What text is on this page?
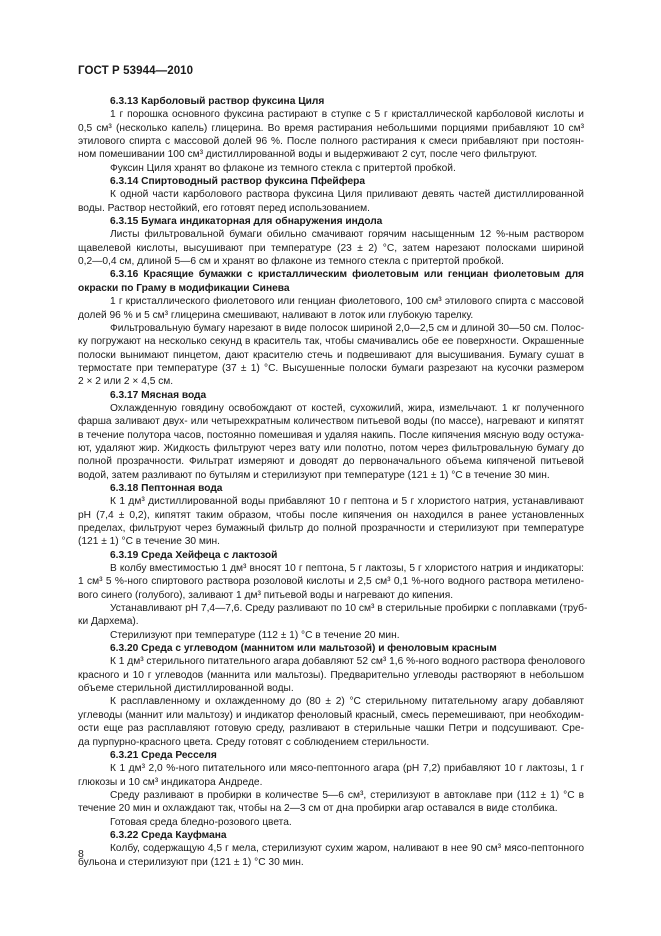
ГОСТ Р 53944—2010
6.3.13 Карболовый раствор фуксина Циля
1 г порошка основного фуксина растирают в ступке с 5 г кристаллической карболовой кислоты и
0,5 см³ (несколько капель) глицерина. Во время растирания небольшими порциями прибавляют 10 см³
этилового спирта с массовой долей 96 %. После полного растирания к смеси прибавляют при постоян-
ном помешивании 100 см³ дистиллированной воды и выдерживают 2 сут, после чего фильтруют.
Фуксин Циля хранят во флаконе из темного стекла с притертой пробкой.
6.3.14 Спиртоводный раствор фуксина Пфейфера
К одной части карболового раствора фуксина Циля приливают девять частей дистиллированной
воды. Раствор нестойкий, его готовят перед использованием.
6.3.15 Бумага индикаторная для обнаружения индола
Листы фильтровальной бумаги обильно смачивают горячим насыщенным 12 %-ным раствором
щавелевой кислоты, высушивают при температуре (23 ± 2) °С, затем нарезают полосками шириной
0,2—0,4 см, длиной 5—6 см и хранят во флаконе из темного стекла с притертой пробкой.
6.3.16 Красящие бумажки с кристаллическим фиолетовым или генциан фиолетовым для
окраски по Граму в модификации Синева
1 г кристаллического фиолетового или генциан фиолетового, 100 см³ этилового спирта с массовой
долей 96 % и 5 см³ глицерина смешивают, наливают в лоток или глубокую тарелку.
Фильтровальную бумагу нарезают в виде полосок шириной 2,0—2,5 см и длиной 30—50 см. Полос-
ку погружают на несколько секунд в краситель так, чтобы смачивались обе ее поверхности. Окрашенные
полоски вынимают пинцетом, дают красителю стечь и подвешивают для высушивания. Бумагу сушат в
термостате при температуре (37 ± 1) °С. Высушенные полоски бумаги разрезают на кусочки размером
2 × 2 или 2 × 4,5 см.
6.3.17 Мясная вода
Охлажденную говядину освобождают от костей, сухожилий, жира, измельчают. 1 кг полученного
фарша заливают двух- или четырехкратным количеством питьевой воды (по массе), нагревают и кипятят
в течение полутора часов, постоянно помешивая и удаляя накипь. После кипячения мясную воду остужа-
ют, удаляют жир. Жидкость фильтруют через вату или полотно, потом через фильтровальную бумагу до
полной прозрачности. Фильтрат измеряют и доводят до первоначального объема кипяченой питьевой
водой, затем разливают по бутылям и стерилизуют при температуре (121 ± 1) °С в течение 30 мин.
6.3.18 Пептонная вода
К 1 дм³ дистиллированной воды прибавляют 10 г пептона и 5 г хлористого натрия, устанавливают
рН (7,4 ± 0,2), кипятят таким образом, чтобы после кипячения он находился в ранее установленных
пределах, фильтруют через бумажный фильтр до полной прозрачности и стерилизуют при температуре
(121 ± 1) °С в течение 30 мин.
6.3.19 Среда Хейфеца с лактозой
В колбу вместимостью 1 дм³ вносят 10 г пептона, 5 г лактозы, 5 г хлористого натрия и индикаторы:
1 см³ 5 %-ного спиртового раствора розоловой кислоты и 2,5 см³ 0,1 %-ного водного раствора метилено-
вого синего (голубого), заливают 1 дм³ питьевой воды и нагревают до кипения.
Устанавливают рН 7,4—7,6. Среду разливают по 10 см³ в стерильные пробирки с поплавками (труб-
ки Дархема).
Стерилизуют при температуре (112 ± 1) °С в течение 20 мин.
6.3.20 Среда с углеводом (маннитом или мальтозой) и феноловым красным
К 1 дм³ стерильного питательного агара добавляют 52 см³ 1,6 %-ного водного раствора фенолового
красного и 10 г углеводов (маннита или мальтозы). Предварительно углеводы растворяют в небольшом
объеме стерильной дистиллированной воды.
К расплавленному и охлажденному до (80 ± 2) °С стерильному питательному агару добавляют
углеводы (маннит или мальтозу) и индикатор феноловый красный, смесь перемешивают, при необходим-
ости еще раз расплавляют готовую среду, разливают в стерильные чашки Петри и подсушивают. Сре-
да пурпурно-красного цвета. Среду готовят с соблюдением стерильности.
6.3.21 Среда Ресселя
К 1 дм³ 2,0 %-ного питательного или мясо-пептонного агара (рН 7,2) прибавляют 10 г лактозы, 1 г
глюкозы и 10 см³ индикатора Андреде.
Среду разливают в пробирки в количестве 5—6 см³, стерилизуют в автоклаве при (112 ± 1) °С в
течение 20 мин и охлаждают так, чтобы на 2—3 см от дна пробирки агар оставался в виде столбика.
Готовая среда бледно-розового цвета.
6.3.22 Среда Кауфмана
Колбу, содержащую 4,5 г мела, стерилизуют сухим жаром, наливают в нее 90 см³ мясо-пептонного
бульона и стерилизуют при (121 ± 1) °С 30 мин.
8
